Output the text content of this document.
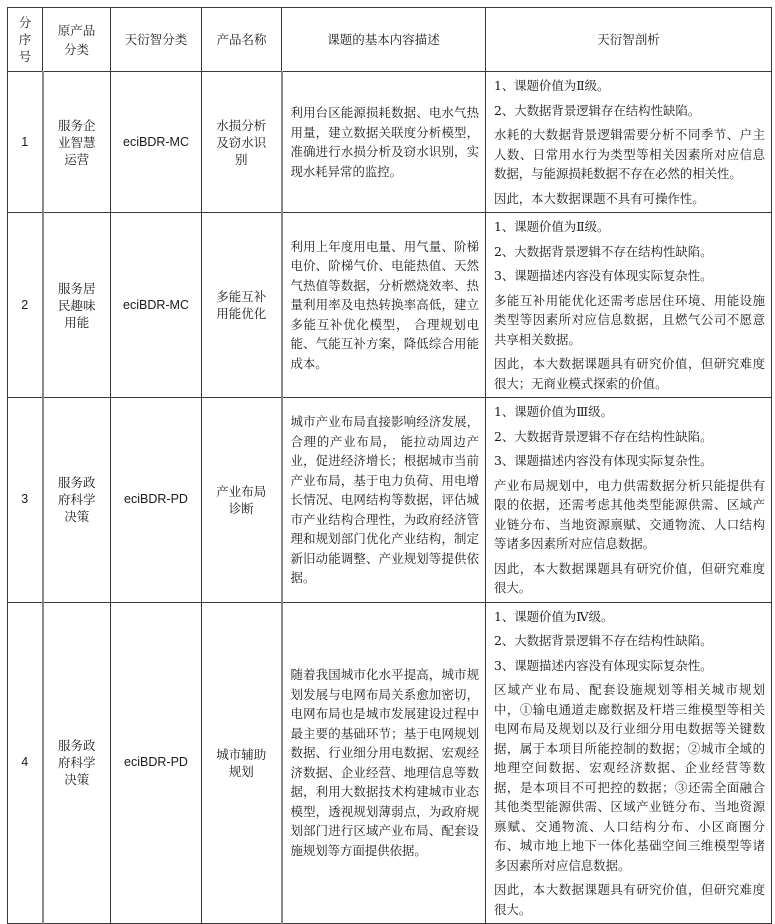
分序号	原产品分类	天衍智分类	产品名称	课题的基本内容描述	天衍智剖析
1	服务企业智慧运营	eciBDR-MC	水损分析及窃水识别	利用台区能源损耗数据、电水气热用量，建立数据关联度分析模型，准确进行水损分析及窃水识别，实现水耗异常的监控。	1、课题价值为Ⅱ级。

2、大数据背景逻辑存在结构性缺陷。

水耗的大数据背景逻辑需要分析不同季节、户主人数、日常用水行为类型等相关因素所对应信息数据，与能源损耗数据不存在必然的相关性。

因此，本大数据课题不具有可操作性。

2	服务居民趣味用能	eciBDR-MC	多能互补用能优化	利用上年度用电量、用气量、阶梯电价、阶梯气价、电能热值、天然气热值等数据，分析燃烧效率、热量利用率及电热转换率高低，建立多能互补优化模型， 合理规划电能、气能互补方案，降低综合用能成本。	1、课题价值为Ⅱ级。

2、大数据背景逻辑不存在结构性缺陷。

3、课题描述内容没有体现实际复杂性。

多能互补用能优化还需考虑居住环境、用能设施类型等因素所对应信息数据，且燃气公司不愿意共享相关数据。

因此，本大数据课题具有研究价值，但研究难度很大；无商业模式探索的价值。

3	服务政府科学决策	eciBDR-PD	产业布局诊断	城市产业布局直接影响经济发展，合理的产业布局， 能拉动周边产业，促进经济增长；根据城市当前产业布局，基于电力负荷、用电增长情况、电网结构等数据，评估城市产业结构合理性，为政府经济管理和规划部门优化产业结构，制定新旧动能调整、产业规划等提供依据。	1、课题价值为Ⅲ级。

2、大数据背景逻辑不存在结构性缺陷。

3、课题描述内容没有体现实际复杂性。

产业布局规划中，电力供需数据分析只能提供有限的依据，还需考虑其他类型能源供需、区域产业链分布、当地资源禀赋、交通物流、人口结构等诸多因素所对应信息数据。

因此，本大数据课题具有研究价值，但研究难度很大。

4	服务政府科学决策	eciBDR-PD	城市辅助规划	随着我国城市化水平提高，城市规划发展与电网布局关系愈加密切，电网布局也是城市发展建设过程中最主要的基础环节；基于电网规划数据、行业细分用电数据、宏观经济数据、企业经营、地理信息等数据，利用大数据技术构建城市业态模型，透视规划薄弱点，为政府规划部门进行区域产业布局、配套设施规划等方面提供依据。	1、课题价值为Ⅳ级。

2、大数据背景逻辑不存在结构性缺陷。

3、课题描述内容没有体现实际复杂性。

区域产业布局、配套设施规划等相关城市规划中，①输电通道走廊数据及杆塔三维模型等相关电网布局及规划以及行业细分用电数据等关键数据，属于本项目所能控制的数据；②城市全域的地理空间数据、宏观经济数据、企业经营等数据，是本项目不可把控的数据；③还需全面融合其他类型能源供需、区域产业链分布、当地资源禀赋、交通物流、人口结构分布、小区商圈分布、城市地上地下一体化基础空间三维模型等诸多因素所对应信息数据。

因此，本大数据课题具有研究价值，但研究难度很大。
